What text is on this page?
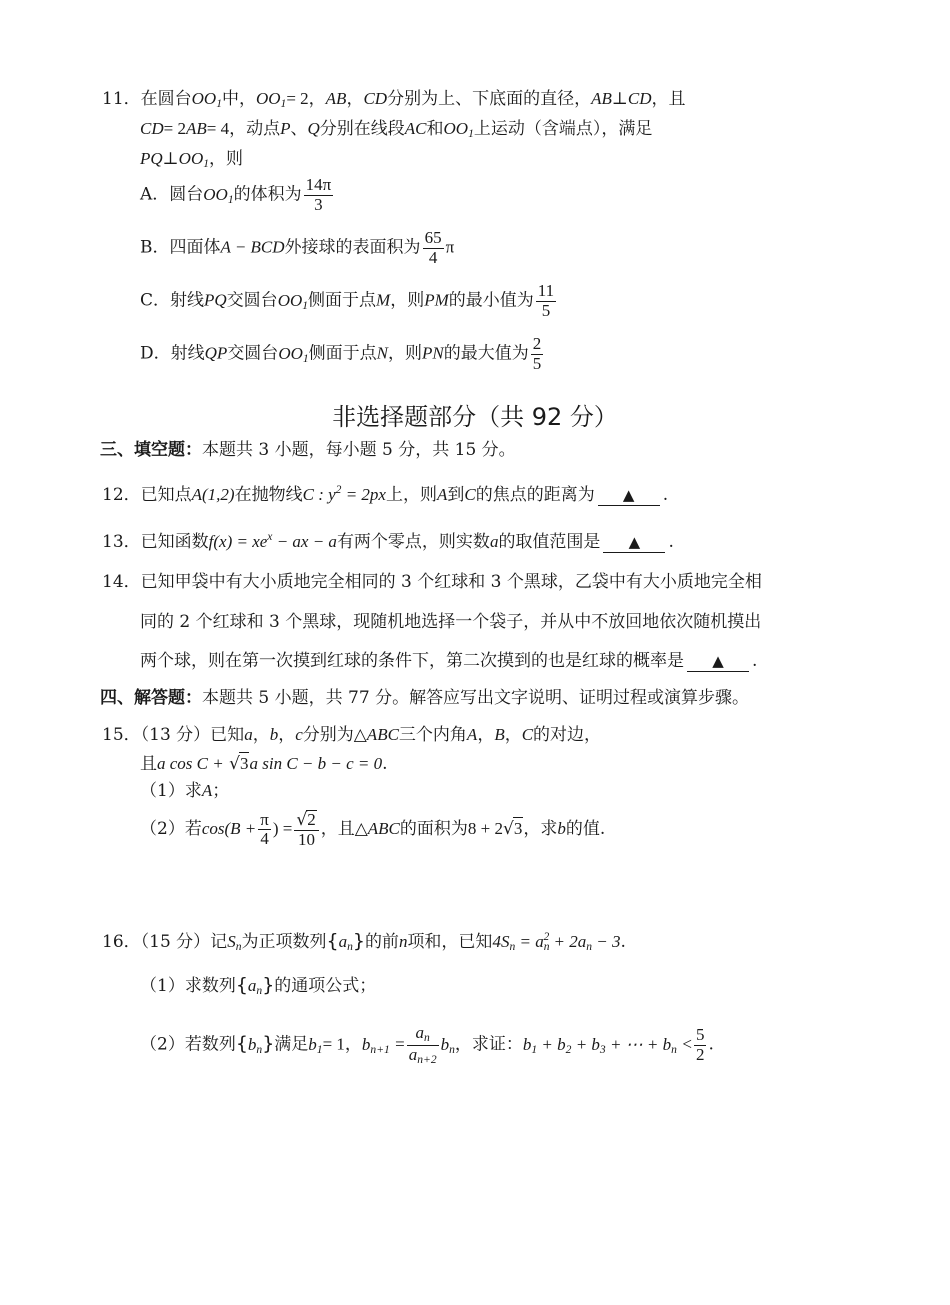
11．在圆台$OO_1$中，$OO_1= 2$，AB，CD分别为上、下底面的直径，AB⊥CD，且
CD= 2AB= 4，动点P、Q分别在线段AC和$OO_1$上运动（含端点），满足
$PQ\perp OO_1$，则
A．圆台$OO_1$的体积为 $\frac{14\pi}{3}$
B．四面体A − BCD外接球的表面积为 $\frac{65}{4}$ π
C．射线PQ交圆台$OO_1$侧面于点M，则PM的最小值为 $\frac{11}{5}$
D．射线QP交圆台$OO_1$侧面于点N，则PN的最大值为 $\frac{2}{5}$
非选择题部分（共 92 分）
三、填空题：本题共 3 小题，每小题 5 分，共 15 分。
12．已知点A(1,2)在抛物线C : $y^2 = 2px$上，则A到C的焦点的距离为 ▲ .
13．已知函数$f(x) = xe^x$ − ax − a有两个零点，则实数a的取值范围是 ▲ .
14．已知甲袋中有大小质地完全相同的 3 个红球和 3 个黑球，乙袋中有大小质地完全相
同的 2 个红球和 3 个黑球，现随机地选择一个袋子，并从中不放回地依次随机摸出
两个球，则在第一次摸到红球的条件下，第二次摸到的也是红球的概率是 ▲ .
四、解答题：本题共 5 小题，共 77 分。解答应写出文字说明、证明过程或演算步骤。
15．（13 分）已知a，b，c分别为△ABC三个内角A，B，C的对边，
且a cos C + √3a sin C − b − c = 0.
（1）求A；
（2）若$\cos(B + \frac{\pi}{4}$ ) = $\frac{√2}{10}$ ，且△ABC的面积为8 + 2√3，求b的值.
16．（15 分）记$S_n$为正项数列$\{a_n\}$的前n项和，已知$4S_n = a_n^2 + 2a_n - 3$.
（1）求数列$\{a_n\}$的通项公式；
（2）若数列$\{b_n\}$满足$b_1= 1$，$b_{n+1} = \frac{a_n}{a_{n+2}} b_n$，求证：$b_1 + b_2 + b_3$ + ⋯ + $b_n < \frac{5}{2}$ .
